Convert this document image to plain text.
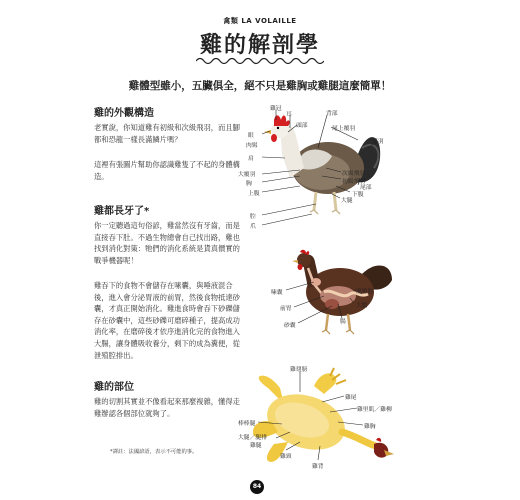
禽類 LA VOLAILLE
雞的解剖學
雞體型雖小，五臟俱全，絕不只是雞胸或雞腿這麼簡單！
雞的外觀構造
老實說，你知道雞有初級和次級飛羽，而且腳都和恐龍一樣長滿鱗片嗎？
這裡有張圖片幫助你認識雞隻了不起的身體構造。
雞都長牙了*
你一定聽過這句俗諺，雞當然沒有牙齒，而是直接吞下肚。不過生物總會自己找出路，雞也找到消化對策：牠們的消化系統是貨真價實的戰爭機器呢！
雞吞下的食物不會儲存在嗉囊，與唾液混合後，進入會分泌胃液的前胃，然後食物抵達砂囊，才真正開始消化。雞進食時會吞下砂礫儲存在砂囊中，這些砂礫可磨碎種子，提高成功消化率，在磨碎後才依序進消化完的食物進入大腸，讓身體吸收養分，剩下的成為糞便，從泄殖腔排出。
雞的部位
雞的切割其實並不像看起來那麼複雜，懂得走雞辦認各個部位就夠了。
*譯註：法國諺語，表示不可能的事。
84
雞冠
耳	背部
眼
肉髯
頭部	尾上覆羽
尾羽
肩
大覆羽
胸
上腹
次級飛羽
初級飛羽
尾部
下腹
大腿
腔
爪
嗉囊
前胃
砂囊
泄殖腔
大腸
腸
雞翅膀
雞尾
雞里肌／雞柳
雞胸
棒棒腿
雞腿
大腿／腿排
雞頸
雞背
